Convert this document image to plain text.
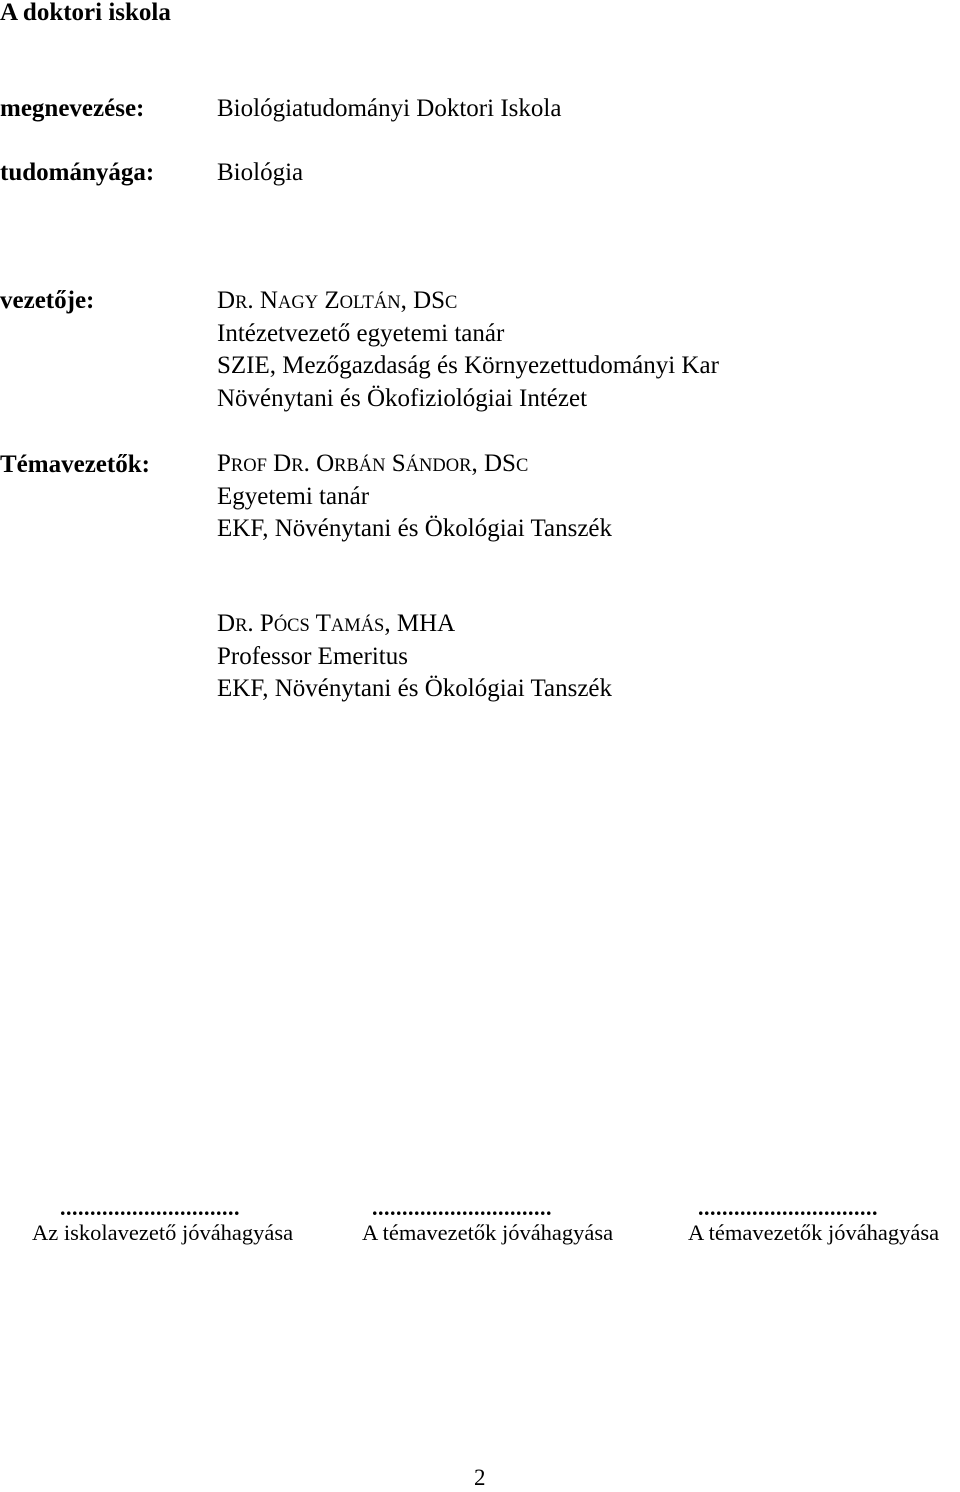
A doktori iskola
megnevezése:	Biológiatudományi Doktori Iskola
tudományága:	Biológia
vezetője:	DR. NAGY ZOLTÁN, DSC
Intézetvezető egyetemi tanár
SZIE, Mezőgazdaság és Környezettudományi Kar
Növénytani és Ökofiziológiai Intézet
Témavezetők:	PROF DR. ORBÁN SÁNDOR, DSC
Egyetemi tanár
EKF, Növénytani és Ökológiai Tanszék
DR. PÓCS TAMÁS, MHA
Professor Emeritus
EKF, Növénytani és Ökológiai Tanszék
..............................
Az iskolavezető jóváhagyása
..............................
A témavezetők jóváhagyása
..............................
A témavezetők jóváhagyása
2
